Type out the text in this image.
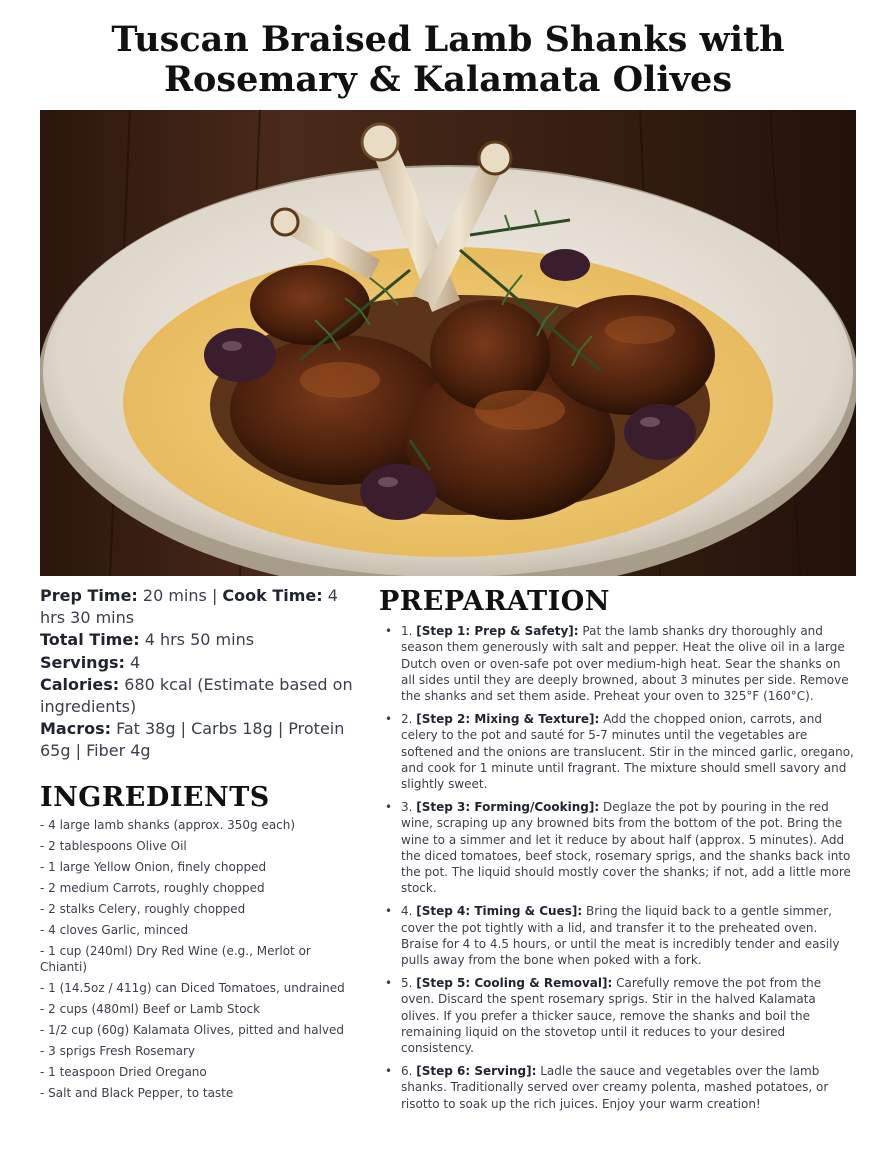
Tuscan Braised Lamb Shanks with
Rosemary & Kalamata Olives

Prep Time: 20 mins | Cook Time: 4 hrs 30 mins

Total Time: 4 hrs 50 mins

Servings: 4

Calories: 680 kcal (Estimate based on ingredients)

Macros: Fat 38g | Carbs 18g | Protein 65g | Fiber 4g

INGREDIENTS
- 4 large lamb shanks (approx. 350g each)
- 2 tablespoons Olive Oil
- 1 large Yellow Onion, finely chopped
- 2 medium Carrots, roughly chopped
- 2 stalks Celery, roughly chopped
- 4 cloves Garlic, minced
- 1 cup (240ml) Dry Red Wine (e.g., Merlot or Chianti)
- 1 (14.5oz / 411g) can Diced Tomatoes, undrained
- 2 cups (480ml) Beef or Lamb Stock
- 1/2 cup (60g) Kalamata Olives, pitted and halved
- 3 sprigs Fresh Rosemary
- 1 teaspoon Dried Oregano
- Salt and Black Pepper, to taste
PREPARATION
• 1. [Step 1: Prep & Safety]: Pat the lamb shanks dry thoroughly and season them generously with salt and pepper. Heat the olive oil in a large Dutch oven or oven-safe pot over medium-high heat. Sear the shanks on all sides until they are deeply browned, about 3 minutes per side. Remove the shanks and set them aside. Preheat your oven to 325°F (160°C).
• 2. [Step 2: Mixing & Texture]: Add the chopped onion, carrots, and celery to the pot and sauté for 5-7 minutes until the vegetables are softened and the onions are translucent. Stir in the minced garlic, oregano, and cook for 1 minute until fragrant. The mixture should smell savory and slightly sweet.
• 3. [Step 3: Forming/Cooking]: Deglaze the pot by pouring in the red wine, scraping up any browned bits from the bottom of the pot. Bring the wine to a simmer and let it reduce by about half (approx. 5 minutes). Add the diced tomatoes, beef stock, rosemary sprigs, and the shanks back into the pot. The liquid should mostly cover the shanks; if not, add a little more stock.
• 4. [Step 4: Timing & Cues]: Bring the liquid back to a gentle simmer, cover the pot tightly with a lid, and transfer it to the preheated oven. Braise for 4 to 4.5 hours, or until the meat is incredibly tender and easily pulls away from the bone when poked with a fork.
• 5. [Step 5: Cooling & Removal]: Carefully remove the pot from the oven. Discard the spent rosemary sprigs. Stir in the halved Kalamata olives. If you prefer a thicker sauce, remove the shanks and boil the remaining liquid on the stovetop until it reduces to your desired consistency.
• 6. [Step 6: Serving]: Ladle the sauce and vegetables over the lamb shanks. Traditionally served over creamy polenta, mashed potatoes, or risotto to soak up the rich juices. Enjoy your warm creation!
